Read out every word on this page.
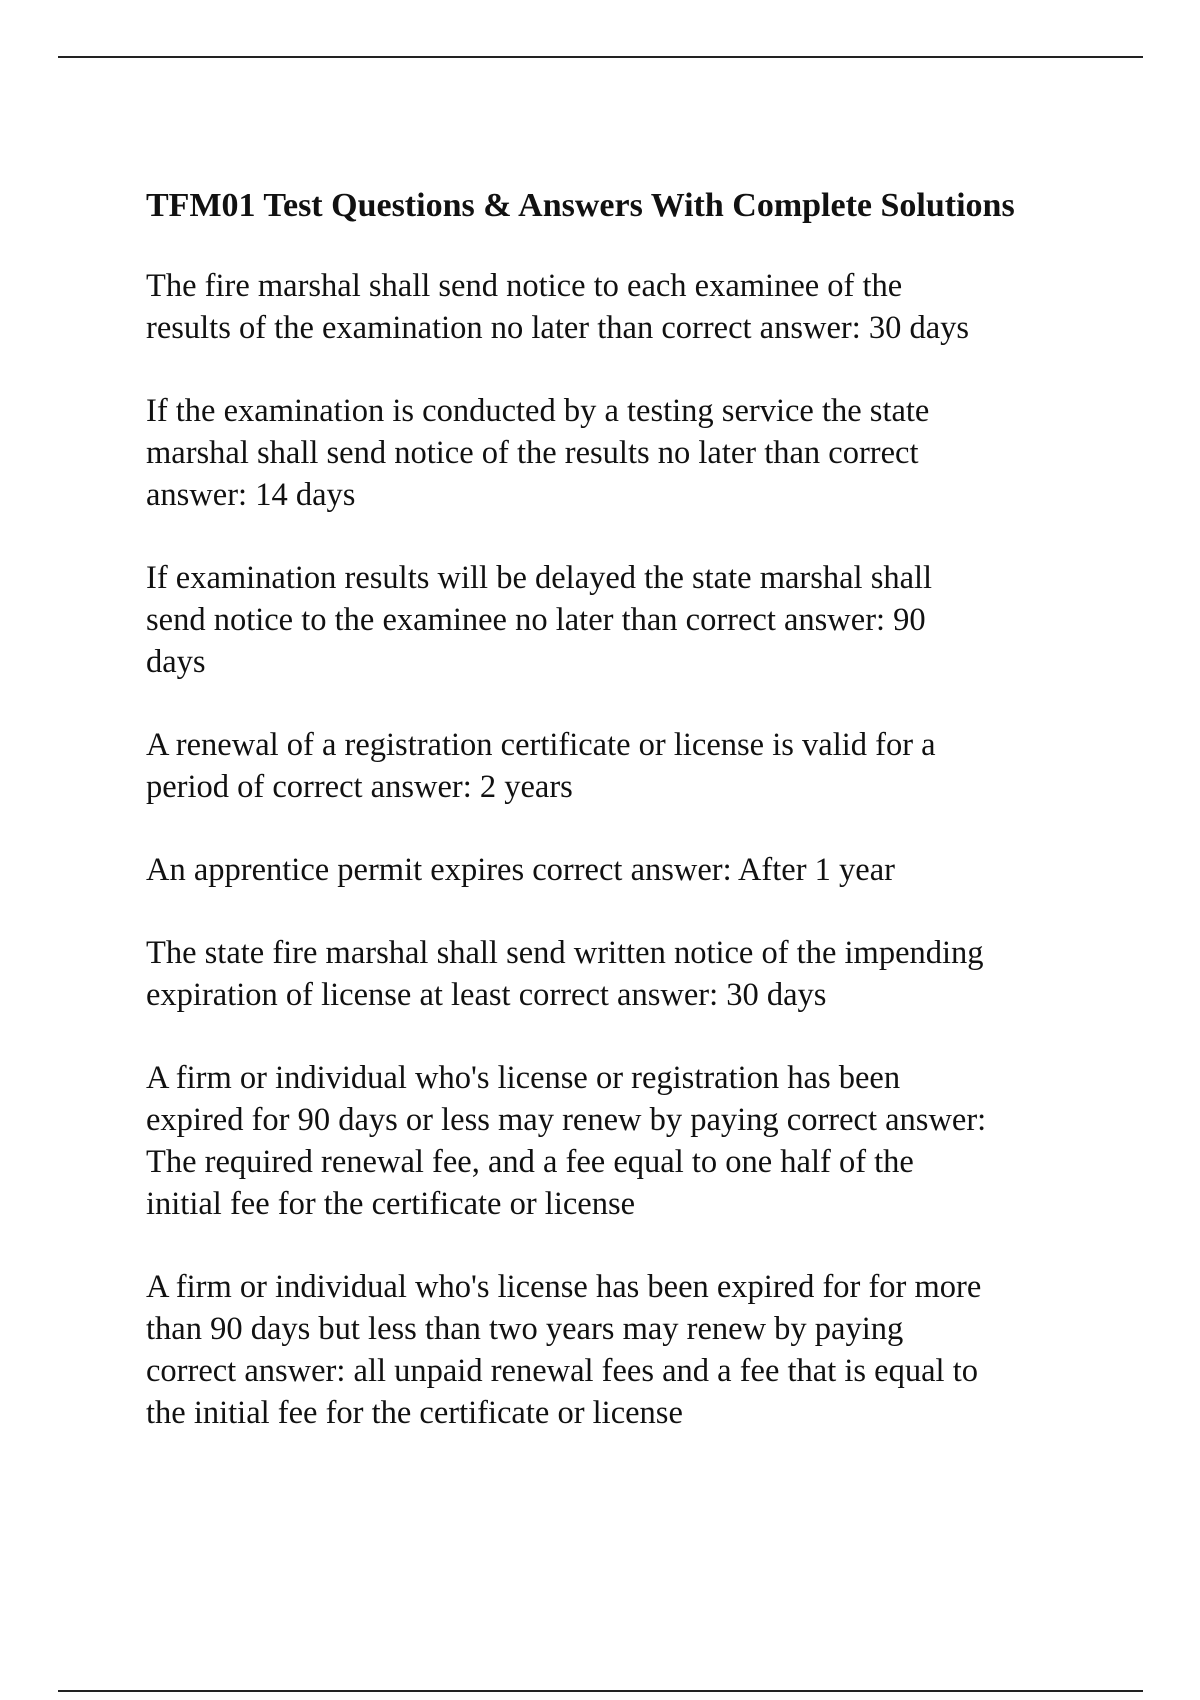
TFM01 Test Questions & Answers With Complete Solutions
The fire marshal shall send notice to each examinee of the
results of the examination no later than correct answer: 30 days
If the examination is conducted by a testing service the state
marshal shall send notice of the results no later than correct
answer: 14 days
If examination results will be delayed the state marshal shall
send notice to the examinee no later than correct answer: 90
days
A renewal of a registration certificate or license is valid for a
period of correct answer: 2 years
An apprentice permit expires correct answer: After 1 year
The state fire marshal shall send written notice of the impending
expiration of license at least correct answer: 30 days
A firm or individual who's license or registration has been
expired for 90 days or less may renew by paying correct answer:
The required renewal fee, and a fee equal to one half of the
initial fee for the certificate or license
A firm or individual who's license has been expired for for more
than 90 days but less than two years may renew by paying
correct answer: all unpaid renewal fees and a fee that is equal to
the initial fee for the certificate or license
